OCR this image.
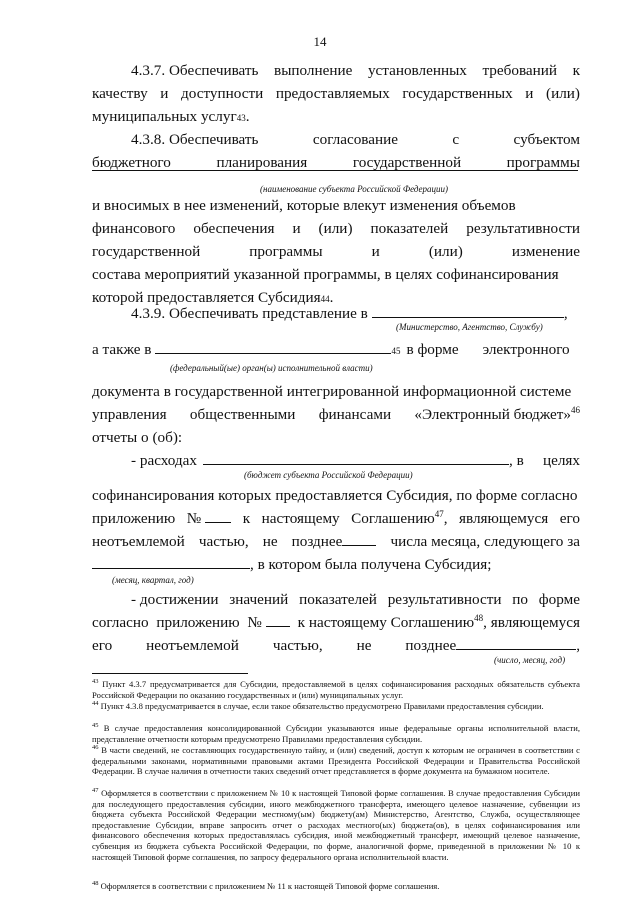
14
4.3.7. Обеспечивать выполнение установленных требований к
качеству и доступности предоставляемых государственных и (или)
муниципальных услуг 43 .
4.3.8. Обеспечивать	согласование	с	субъектом
бюджетного	планирования	государственной	программы
(наименование субъекта Российской Федерации)
и вносимых в нее изменений, которые влекут изменения объемов
финансового обеспечения и (или) показателей результативности
государственной	программы	и	(или)	изменение
состава мероприятий указанной программы, в целях софинансирования
которой предоставляется Субсидия 44 .
4.3.9. Обеспечивать представление в	,
(Министерство, Агентство, Службу)
а также в	45 в форме электронного
(федеральный(ые) орган(ы) исполнительной власти)
документа в государственной интегрированной информационной системе
управления общественными финансами «Электронный бюджет»$^{46}$
отчеты о (об):
- расходах	, в целях
(бюджет субъекта Российской Федерации)
софинансирования которых предоставляется Субсидия, по форме согласно
приложению №	к настоящему Соглашению$^{47}$, являющемуся его
неотъемлемой частью, не позднее	числа месяца, следующего за
, в котором была получена Субсидия;
(месяц, квартал, год)
- достижении значений показателей результативности по форме
согласно приложению №	к настоящему Соглашению$^{48}$, являющемуся
его неотъемлемой частью, не позднее	,
(число, месяц, год)
$^{43}$ Пункт 4.3.7 предусматривается для Субсидии, предоставляемой в целях софинансирования расходных обязательств субъекта Российской Федерации по оказанию государственных и (или) муниципальных услуг.
$^{44}$ Пункт 4.3.8 предусматривается в случае, если такое обязательство предусмотрено Правилами предоставления субсидии.
$^{45}$ В случае предоставления консолидированной Субсидии указываются иные федеральные органы исполнительной власти, представление отчетности которым предусмотрено Правилами предоставления субсидии.
$^{46}$ В части сведений, не составляющих государственную тайну, и (или) сведений, доступ к которым не ограничен в соответствии с федеральными законами, нормативными правовыми актами Президента Российской Федерации и Правительства Российской Федерации. В случае наличия в отчетности таких сведений отчет представляется в форме документа на бумажном носителе.
$^{47}$ Оформляется в соответствии с приложением № 10 к настоящей Типовой форме соглашения. В случае предоставления Субсидии для последующего предоставления субсидии, иного межбюджетного трансферта, имеющего целевое назначение, субвенции из бюджета субъекта Российской Федерации местному(ым) бюджету(ам) Министерство, Агентство, Служба, осуществляющее предоставление Субсидии, вправе запросить отчет о расходах местного(ых) бюджета(ов), в целях софинансирования или финансового обеспечения которых предоставлялась субсидия, иной межбюджетный трансферт, имеющий целевое назначение, субвенция из бюджета субъекта Российской Федерации, по форме, аналогичной форме, приведенной в приложении № 10 к настоящей Типовой форме соглашения, по запросу федерального органа исполнительной власти.
$^{48}$ Оформляется в соответствии с приложением № 11 к настоящей Типовой форме соглашения.
